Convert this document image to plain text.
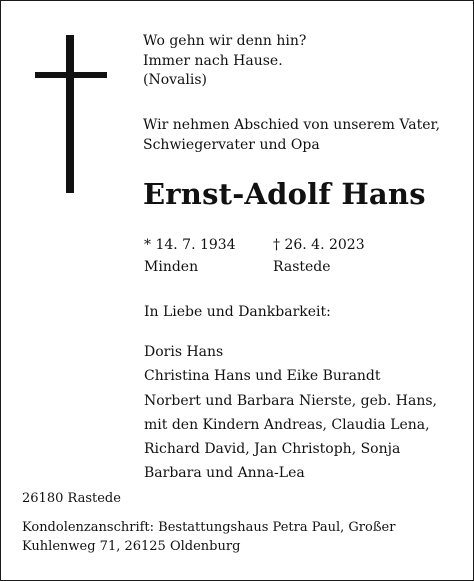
Wo gehn wir denn hin?
Immer nach Hause.
(Novalis)
Wir nehmen Abschied von unserem Vater,
Schwiegervater und Opa
Ernst-Adolf Hans
* 14. 7. 1934
Minden
† 26. 4. 2023
Rastede
In Liebe und Dankbarkeit:
Doris Hans
Christina Hans und Eike Burandt
Norbert und Barbara Nierste, geb. Hans,
mit den Kindern Andreas, Claudia Lena,
Richard David, Jan Christoph, Sonja
Barbara und Anna-Lea
26180 Rastede
Kondolenzanschrift: Bestattungshaus Petra Paul, Großer
Kuhlenweg 71, 26125 Oldenburg
